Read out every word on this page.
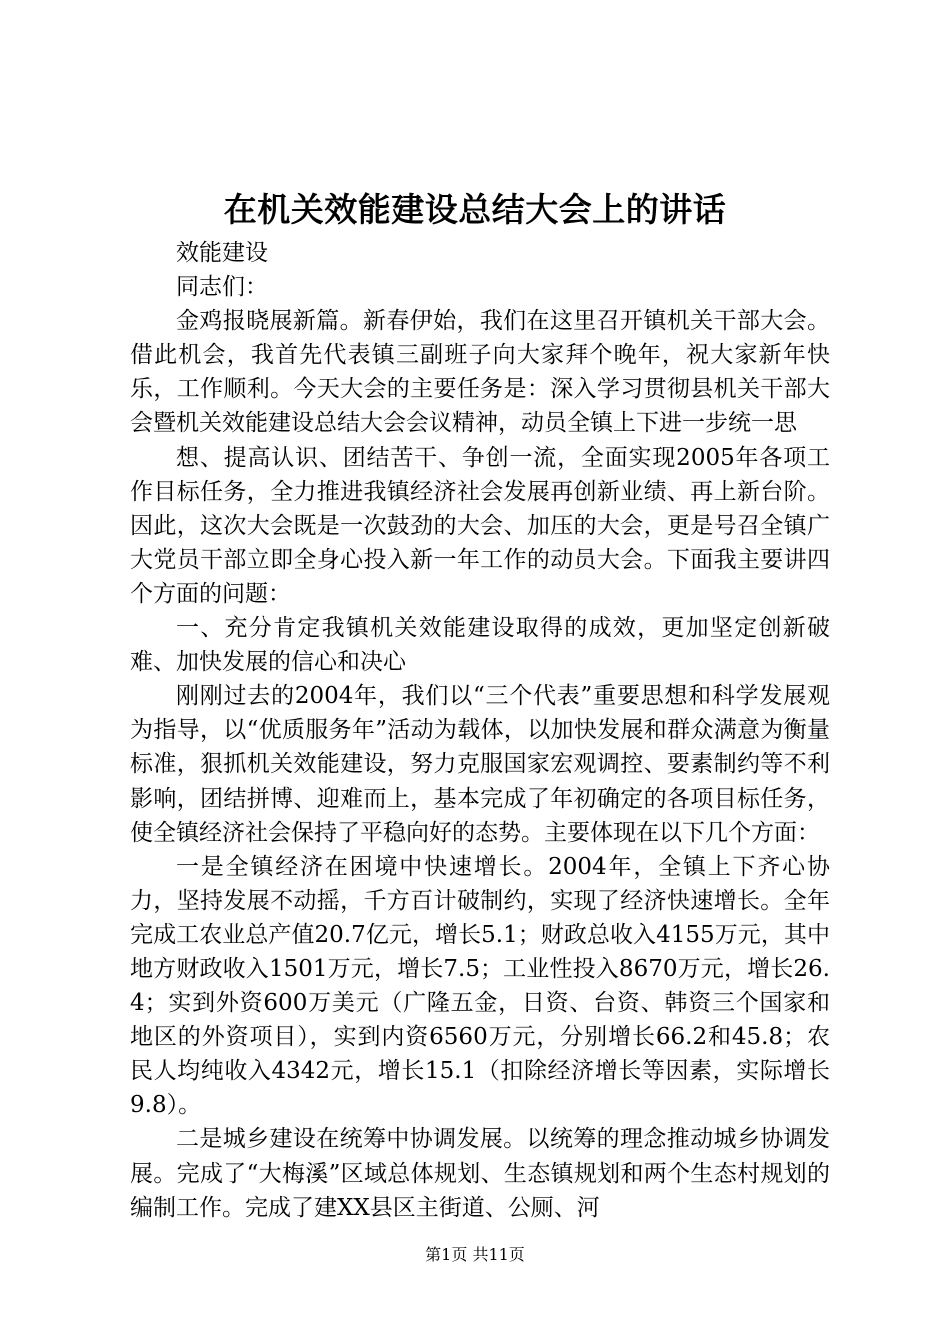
在机关效能建设总结大会上的讲话

效能建设

同志们：

金鸡报晓展新篇。新春伊始，我们在这里召开镇机关干部大会。借此机会，我首先代表镇三副班子向大家拜个晚年，祝大家新年快乐，工作顺利。今天大会的主要任务是：深入学习贯彻县机关干部大会暨机关效能建设总结大会会议精神，动员全镇上下进一步统一思

想、提高认识、团结苦干、争创一流，全面实现2005年各项工作目标任务，全力推进我镇经济社会发展再创新业绩、再上新台阶。因此，这次大会既是一次鼓劲的大会、加压的大会，更是号召全镇广大党员干部立即全身心投入新一年工作的动员大会。下面我主要讲四个方面的问题：

一、充分肯定我镇机关效能建设取得的成效，更加坚定创新破难、加快发展的信心和决心

刚刚过去的2004年，我们以“三个代表”重要思想和科学发展观为指导，以“优质服务年”活动为载体，以加快发展和群众满意为衡量标准，狠抓机关效能建设，努力克服国家宏观调控、要素制约等不利影响，团结拼博、迎难而上，基本完成了年初确定的各项目标任务，使全镇经济社会保持了平稳向好的态势。主要体现在以下几个方面：

一是全镇经济在困境中快速增长。2004年，全镇上下齐心协力，坚持发展不动摇，千方百计破制约，实现了经济快速增长。全年完成工农业总产值20.7亿元，增长5.1；财政总收入4155万元，其中地方财政收入1501万元，增长7.5；工业性投入8670万元，增长26.4；实到外资600万美元（广隆五金，日资、台资、韩资三个国家和地区的外资项目），实到内资6560万元，分别增长66.2和45.8；农民人均纯收入4342元，增长15.1（扣除经济增长等因素，实际增长9.8）。

二是城乡建设在统筹中协调发展。以统筹的理念推动城乡协调发展。完成了“大梅溪”区域总体规划、生态镇规划和两个生态村规划的编制工作。完成了建XX县区主街道、公厕、河

第1页 共11页
